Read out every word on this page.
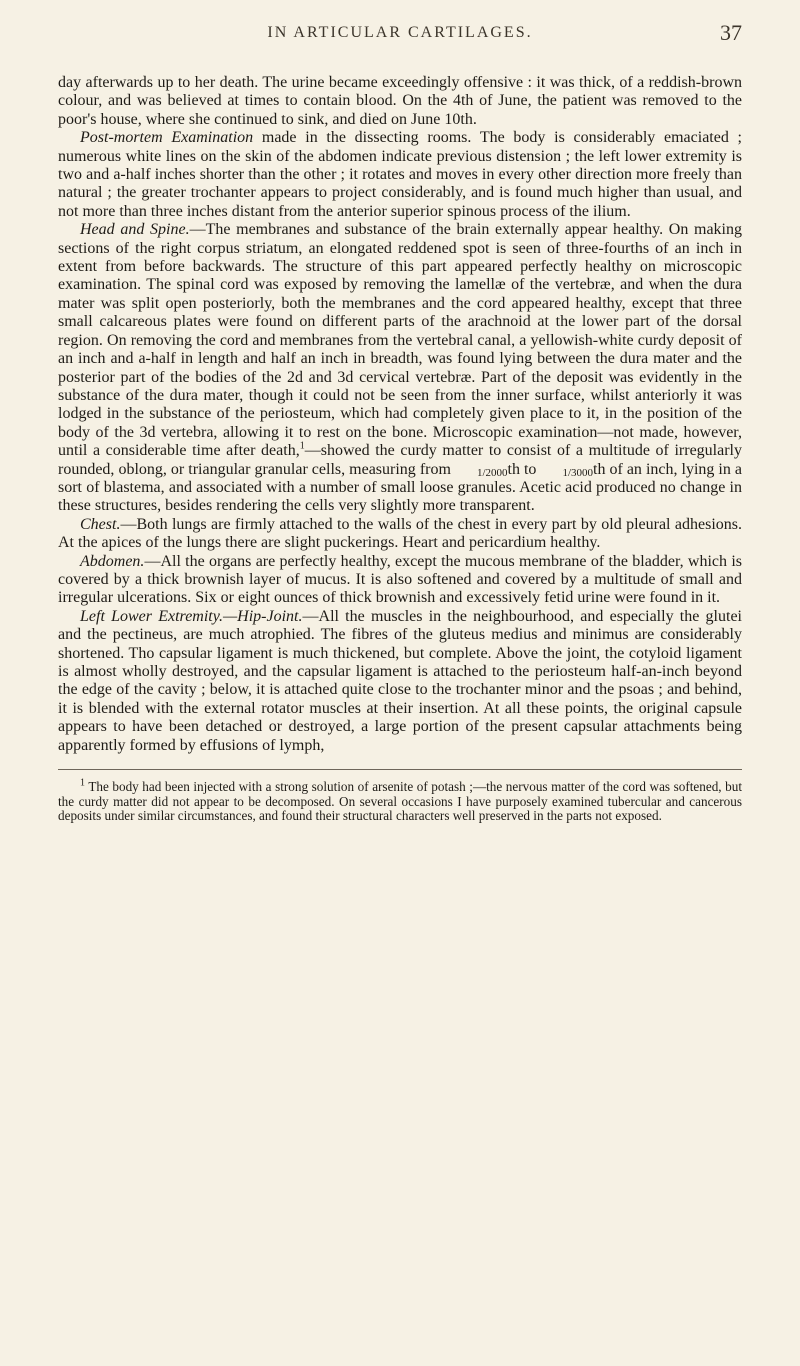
IN ARTICULAR CARTILAGES.	37

day afterwards up to her death. The urine became exceedingly offensive : it was thick, of a reddish-brown colour, and was believed at times to contain blood. On the 4th of June, the patient was removed to the poor's house, where she continued to sink, and died on June 10th.

Post-mortem Examination made in the dissecting rooms. The body is considerably emaciated ; numerous white lines on the skin of the abdomen indicate previous distension ; the left lower extremity is two and a-half inches shorter than the other ; it rotates and moves in every other direction more freely than natural ; the greater trochanter appears to project considerably, and is found much higher than usual, and not more than three inches distant from the anterior superior spinous process of the ilium.

Head and Spine.—The membranes and substance of the brain externally appear healthy. On making sections of the right corpus striatum, an elongated reddened spot is seen of three-fourths of an inch in extent from before backwards. The structure of this part appeared perfectly healthy on microscopic examination. The spinal cord was exposed by removing the lamellæ of the vertebræ, and when the dura mater was split open posteriorly, both the membranes and the cord appeared healthy, except that three small calcareous plates were found on different parts of the arachnoid at the lower part of the dorsal region. On removing the cord and membranes from the vertebral canal, a yellowish-white curdy deposit of an inch and a-half in length and half an inch in breadth, was found lying between the dura mater and the posterior part of the bodies of the 2d and 3d cervical vertebræ. Part of the deposit was evidently in the substance of the dura mater, though it could not be seen from the inner surface, whilst anteriorly it was lodged in the substance of the periosteum, which had completely given place to it, in the position of the body of the 3d vertebra, allowing it to rest on the bone. Microscopic examination—not made, however, until a considerable time after death,$^1$—showed the curdy matter to consist of a multitude of irregularly rounded, oblong, or triangular granular cells, measuring from 1/2000th to 1/3000th of an inch, lying in a sort of blastema, and associated with a number of small loose granules. Acetic acid produced no change in these structures, besides rendering the cells very slightly more transparent.

Chest.—Both lungs are firmly attached to the walls of the chest in every part by old pleural adhesions. At the apices of the lungs there are slight puckerings. Heart and pericardium healthy.

Abdomen.—All the organs are perfectly healthy, except the mucous membrane of the bladder, which is covered by a thick brownish layer of mucus. It is also softened and covered by a multitude of small and irregular ulcerations. Six or eight ounces of thick brownish and excessively fetid urine were found in it.

Left Lower Extremity.—Hip-Joint.—All the muscles in the neighbourhood, and especially the glutei and the pectineus, are much atrophied. The fibres of the gluteus medius and minimus are considerably shortened. Tho capsular ligament is much thickened, but complete. Above the joint, the cotyloid ligament is almost wholly destroyed, and the capsular ligament is attached to the periosteum half-an-inch beyond the edge of the cavity ; below, it is attached quite close to the trochanter minor and the psoas ; and behind, it is blended with the external rotator muscles at their insertion. At all these points, the original capsule appears to have been detached or destroyed, a large portion of the present capsular attachments being apparently formed by effusions of lymph,

$^1$ The body had been injected with a strong solution of arsenite of potash ;—the nervous matter of the cord was softened, but the curdy matter did not appear to be decomposed. On several occasions I have purposely examined tubercular and cancerous deposits under similar circumstances, and found their structural characters well preserved in the parts not exposed.
